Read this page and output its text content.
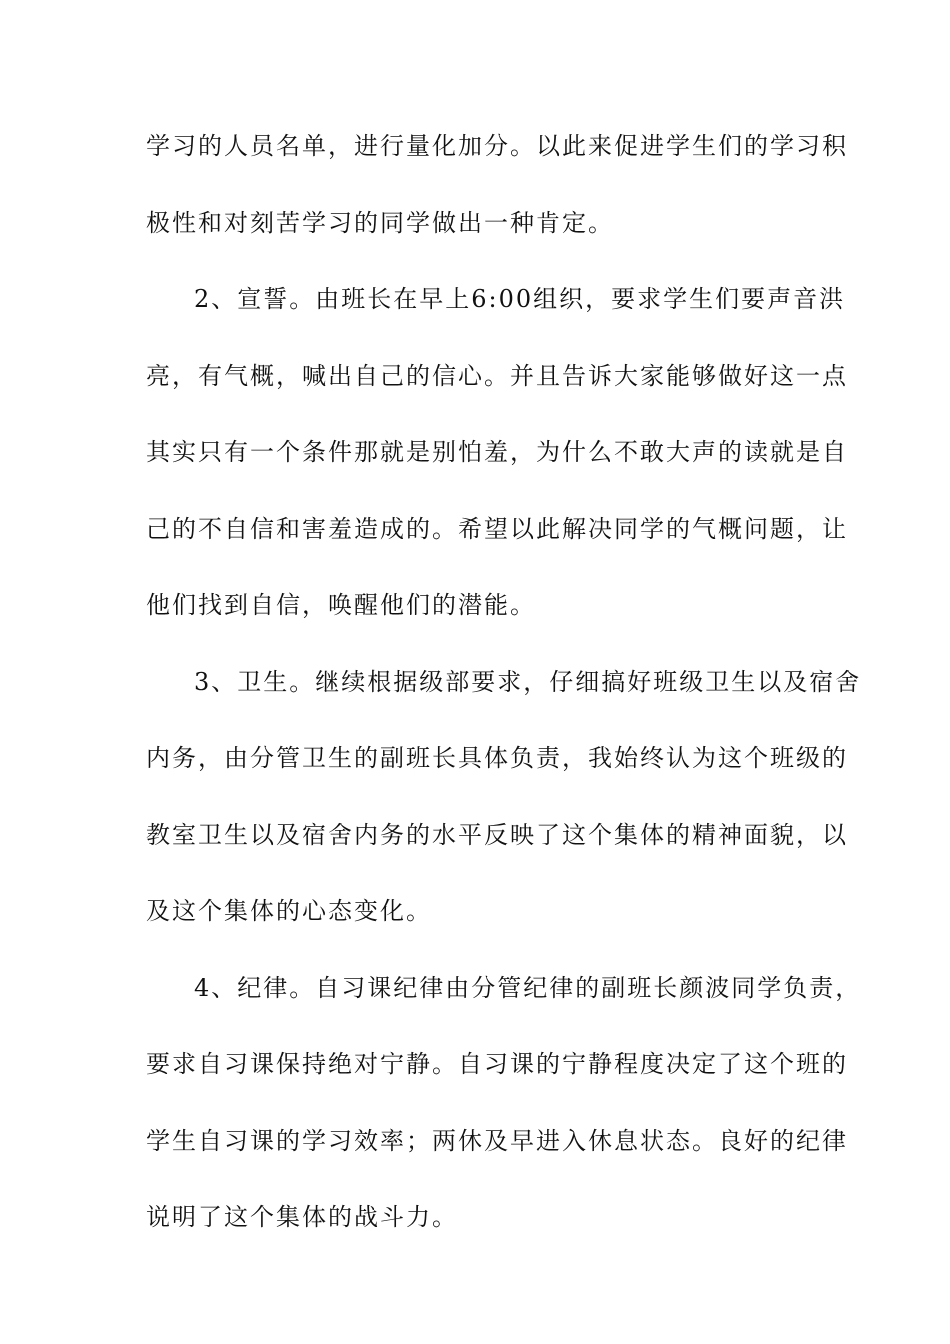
学习的人员名单，进行量化加分。以此来促进学生们的学习积
极性和对刻苦学习的同学做出一种肯定。
2、宣誓。由班长在早上6:00组织，要求学生们要声音洪
亮，有气概，喊出自己的信心。并且告诉大家能够做好这一点
其实只有一个条件那就是别怕羞，为什么不敢大声的读就是自
己的不自信和害羞造成的。希望以此解决同学的气概问题，让
他们找到自信，唤醒他们的潜能。
3、卫生。继续根据级部要求，仔细搞好班级卫生以及宿舍
内务，由分管卫生的副班长具体负责，我始终认为这个班级的
教室卫生以及宿舍内务的水平反映了这个集体的精神面貌，以
及这个集体的心态变化。
4、纪律。自习课纪律由分管纪律的副班长颜波同学负责，
要求自习课保持绝对宁静。自习课的宁静程度决定了这个班的
学生自习课的学习效率；两休及早进入休息状态。良好的纪律
说明了这个集体的战斗力。
